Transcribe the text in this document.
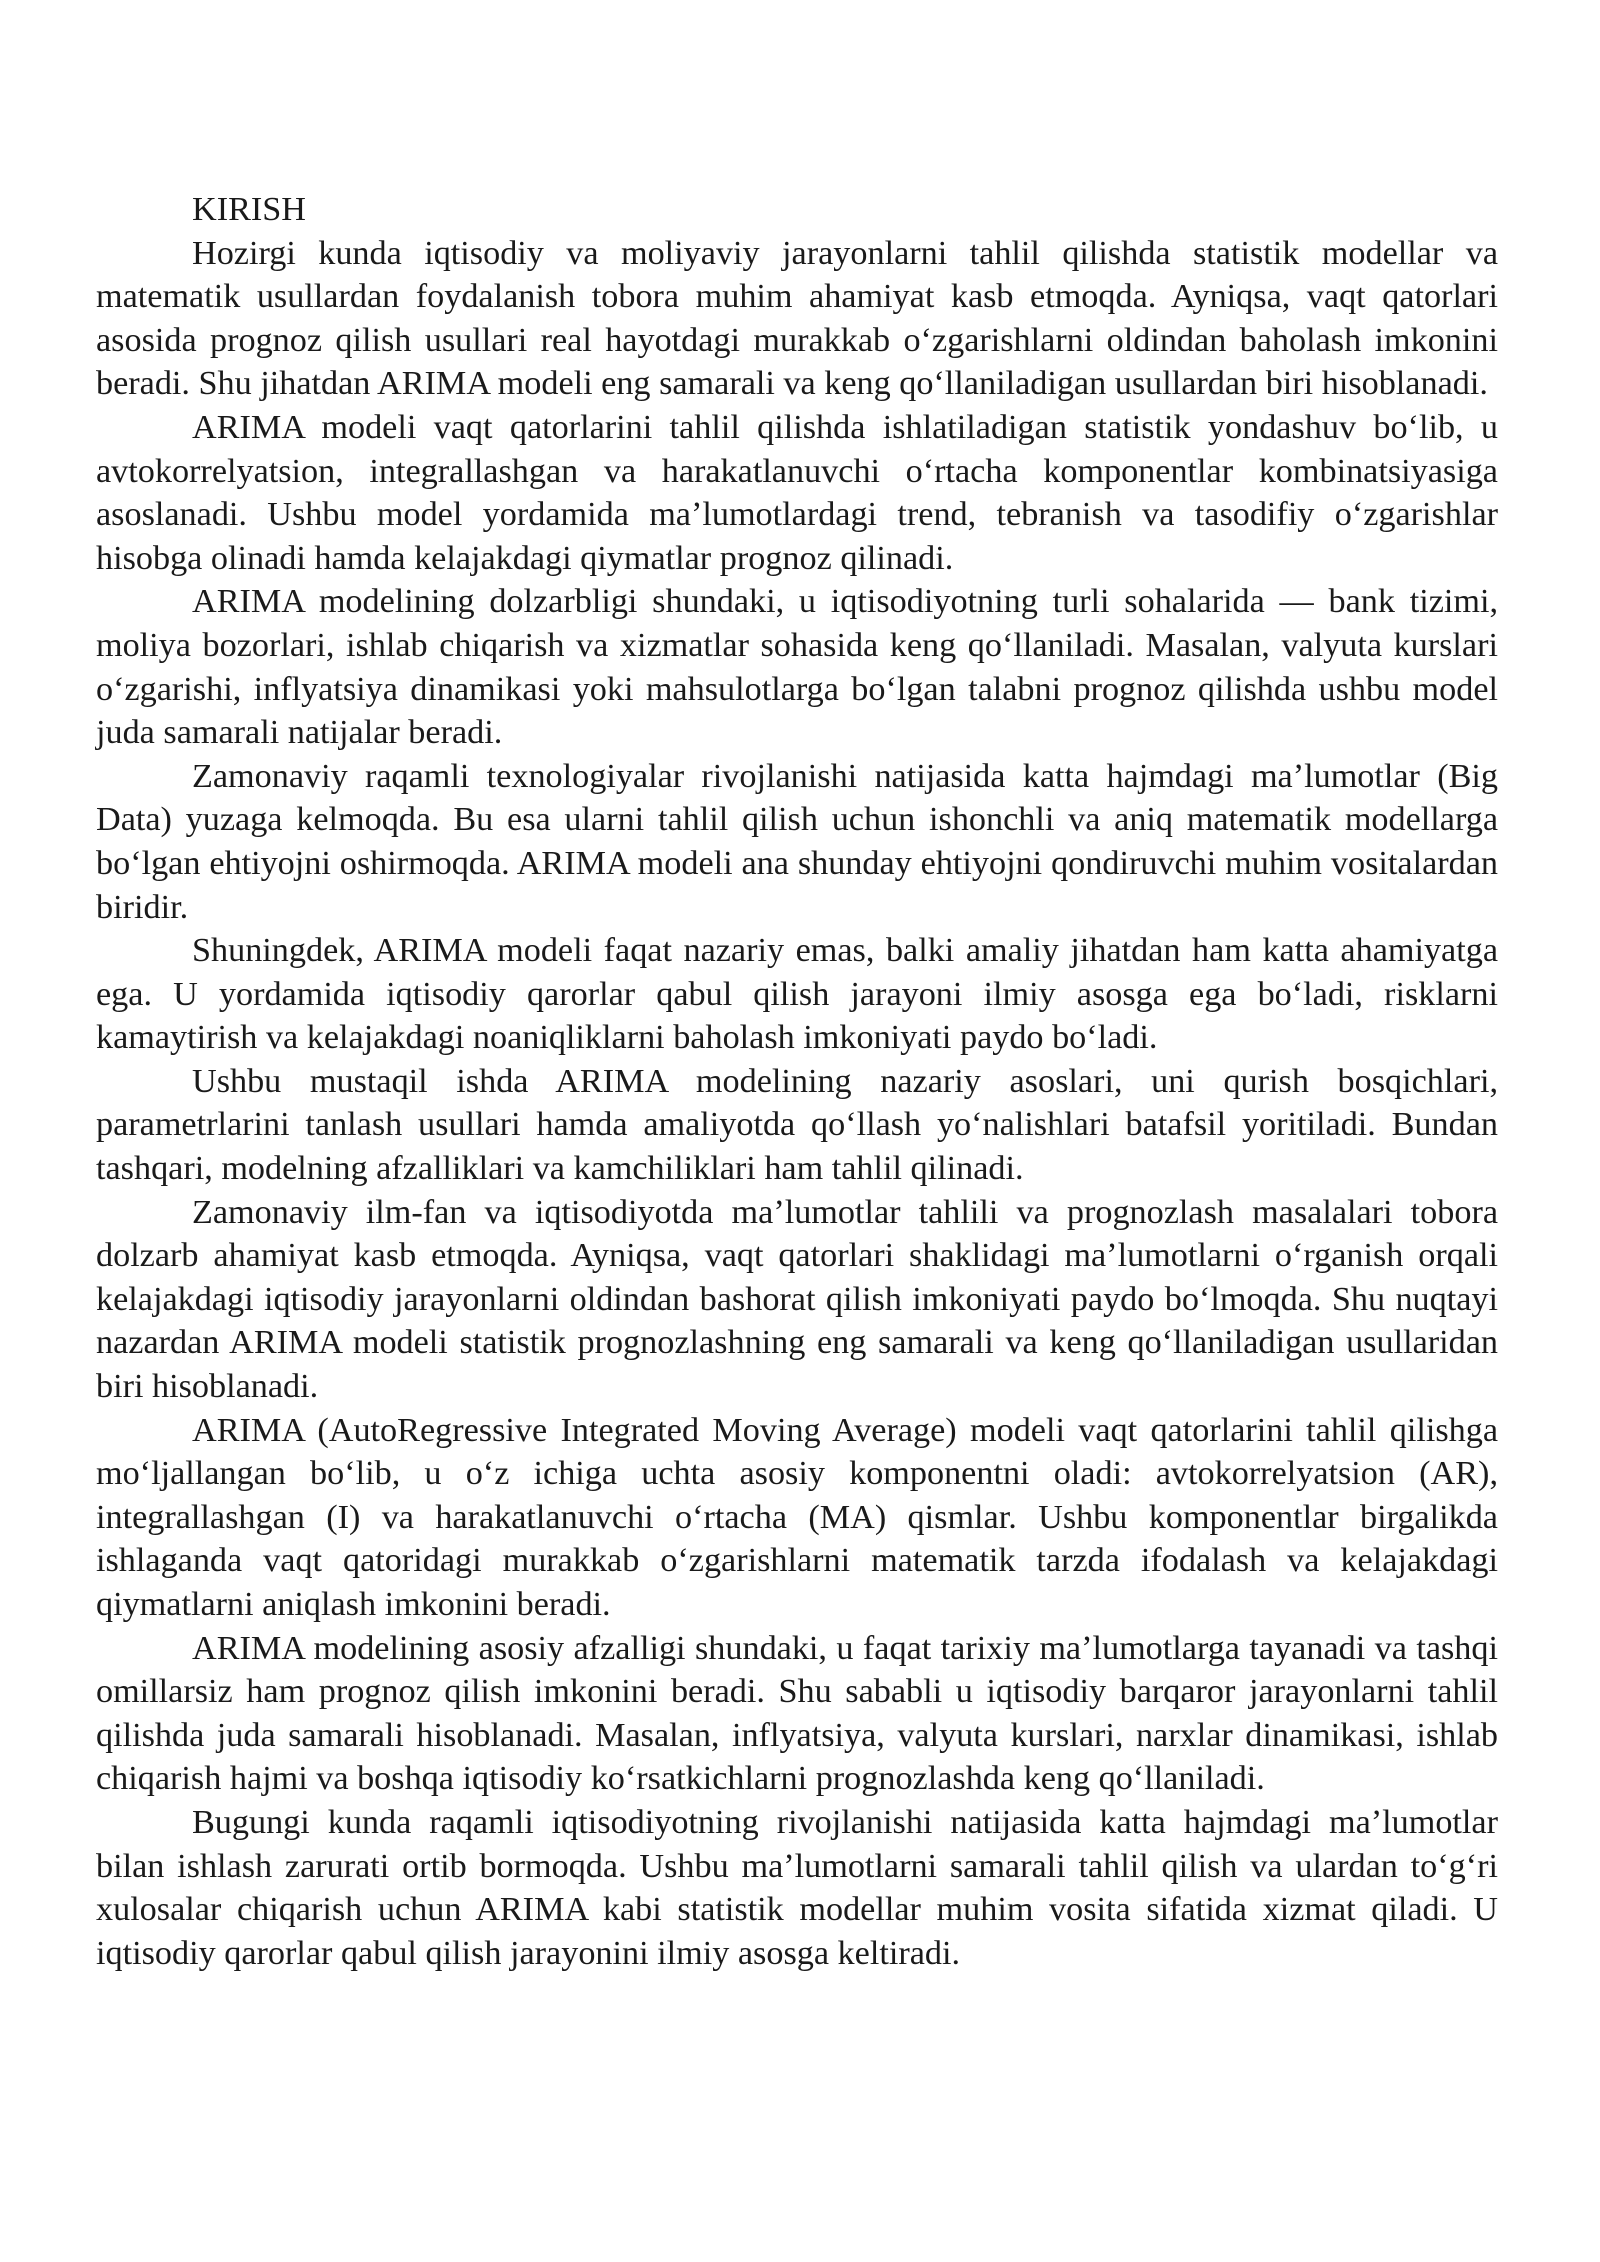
KIRISH

Hozirgi kunda iqtisodiy va moliyaviy jarayonlarni tahlil qilishda statistik modellar va matematik usullardan foydalanish tobora muhim ahamiyat kasb etmoqda. Ayniqsa, vaqt qatorlari asosida prognoz qilish usullari real hayotdagi murakkab oʻzgarishlarni oldindan baholash imkonini beradi. Shu jihatdan ARIMA modeli eng samarali va keng qoʻllaniladigan usullardan biri hisoblanadi.

ARIMA modeli vaqt qatorlarini tahlil qilishda ishlatiladigan statistik yondashuv boʻlib, u avtokorrelyatsion, integrallashgan va harakatlanuvchi oʻrtacha komponentlar kombinatsiyasiga asoslanadi. Ushbu model yordamida maʼlumotlardagi trend, tebranish va tasodifiy oʻzgarishlar hisobga olinadi hamda kelajakdagi qiymatlar prognoz qilinadi.

ARIMA modelining dolzarbligi shundaki, u iqtisodiyotning turli sohalarida — bank tizimi, moliya bozorlari, ishlab chiqarish va xizmatlar sohasida keng qoʻllaniladi. Masalan, valyuta kurslari oʻzgarishi, inflyatsiya dinamikasi yoki mahsulotlarga boʻlgan talabni prognoz qilishda ushbu model juda samarali natijalar beradi.

Zamonaviy raqamli texnologiyalar rivojlanishi natijasida katta hajmdagi maʼlumotlar (Big Data) yuzaga kelmoqda. Bu esa ularni tahlil qilish uchun ishonchli va aniq matematik modellarga boʻlgan ehtiyojni oshirmoqda. ARIMA modeli ana shunday ehtiyojni qondiruvchi muhim vositalardan biridir.

Shuningdek, ARIMA modeli faqat nazariy emas, balki amaliy jihatdan ham katta ahamiyatga ega. U yordamida iqtisodiy qarorlar qabul qilish jarayoni ilmiy asosga ega boʻladi, risklarni kamaytirish va kelajakdagi noaniqliklarni baholash imkoniyati paydo boʻladi.

Ushbu mustaqil ishda ARIMA modelining nazariy asoslari, uni qurish bosqichlari, parametrlarini tanlash usullari hamda amaliyotda qoʻllash yoʻnalishlari batafsil yoritiladi. Bundan tashqari, modelning afzalliklari va kamchiliklari ham tahlil qilinadi.

Zamonaviy ilm-fan va iqtisodiyotda maʼlumotlar tahlili va prognozlash masalalari tobora dolzarb ahamiyat kasb etmoqda. Ayniqsa, vaqt qatorlari shaklidagi maʼlumotlarni oʻrganish orqali kelajakdagi iqtisodiy jarayonlarni oldindan bashorat qilish imkoniyati paydo boʻlmoqda. Shu nuqtayi nazardan ARIMA modeli statistik prognozlashning eng samarali va keng qoʻllaniladigan usullaridan biri hisoblanadi.

ARIMA (AutoRegressive Integrated Moving Average) modeli vaqt qatorlarini tahlil qilishga moʻljallangan boʻlib, u oʻz ichiga uchta asosiy komponentni oladi: avtokorrelyatsion (AR), integrallashgan (I) va harakatlanuvchi oʻrtacha (MA) qismlar. Ushbu komponentlar birgalikda ishlaganda vaqt qatoridagi murakkab oʻzgarishlarni matematik tarzda ifodalash va kelajakdagi qiymatlarni aniqlash imkonini beradi.

ARIMA modelining asosiy afzalligi shundaki, u faqat tarixiy maʼlumotlarga tayanadi va tashqi omillarsiz ham prognoz qilish imkonini beradi. Shu sababli u iqtisodiy barqaror jarayonlarni tahlil qilishda juda samarali hisoblanadi. Masalan, inflyatsiya, valyuta kurslari, narxlar dinamikasi, ishlab chiqarish hajmi va boshqa iqtisodiy koʻrsatkichlarni prognozlashda keng qoʻllaniladi.

Bugungi kunda raqamli iqtisodiyotning rivojlanishi natijasida katta hajmdagi maʼlumotlar bilan ishlash zarurati ortib bormoqda. Ushbu maʼlumotlarni samarali tahlil qilish va ulardan toʻgʻri xulosalar chiqarish uchun ARIMA kabi statistik modellar muhim vosita sifatida xizmat qiladi. U iqtisodiy qarorlar qabul qilish jarayonini ilmiy asosga keltiradi.
